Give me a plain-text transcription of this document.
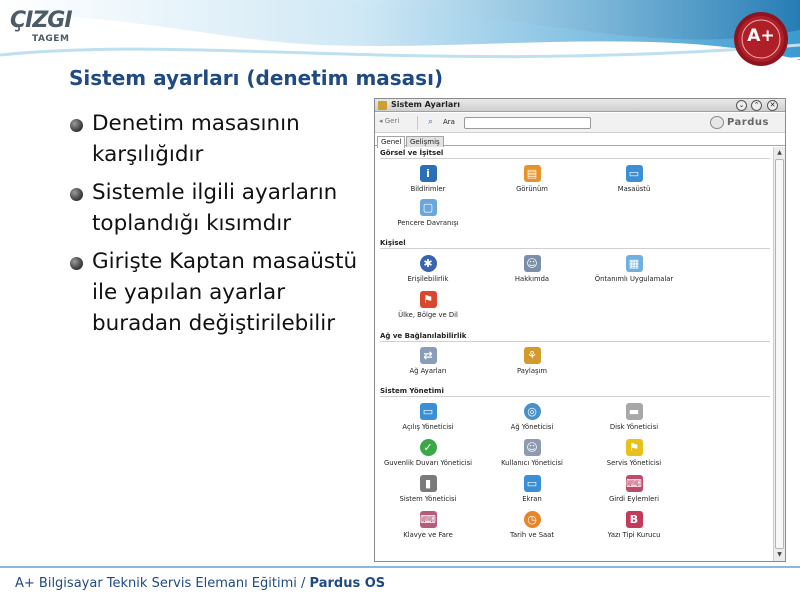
ÇIZGI
TAGEM	A+
Sistem ayarları (denetim masası)
Denetim masasının karşılığıdır
Sistemle ilgili ayarların toplandığı kısımdır
Girişte Kaptan masaüstü ile yapılan ayarlar buradan değiştirilebilir
Sistem Ayarları	⌄	⌃	✕
◂ Geri	⌕ Ara	Pardus
Genel	Gelişmiş
Görsel ve İşitsel
i
Bildirimler
▤
Görünüm
▭
Masaüstü
▢
Pencere Davranışı
Kişisel
✱
Erişilebilirlik
☺
Hakkımda
▦
Öntanımlı Uygulamalar
⚑
Ülke, Bölge ve Dil
Ağ ve Bağlanılabilirlik
⇄
Ağ Ayarları
⚘
Paylaşım
Sistem Yönetimi
▭
Açılış Yöneticisi
◎
Ağ Yöneticisi
▬
Disk Yöneticisi
✓
Guvenlik Duvarı Yöneticisi
☺
Kullanıcı Yöneticisi
⚑
Servis Yöneticisi
▮
Sistem Yöneticisi
▭
Ekran
⌨
Girdi Eylemleri
⌨
Klavye ve Fare
◷
Tarih ve Saat
B
Yazı Tipi Kurucu
▲
▼
A+ Bilgisayar Teknik Servis Elemanı Eğitimi / Pardus OS
